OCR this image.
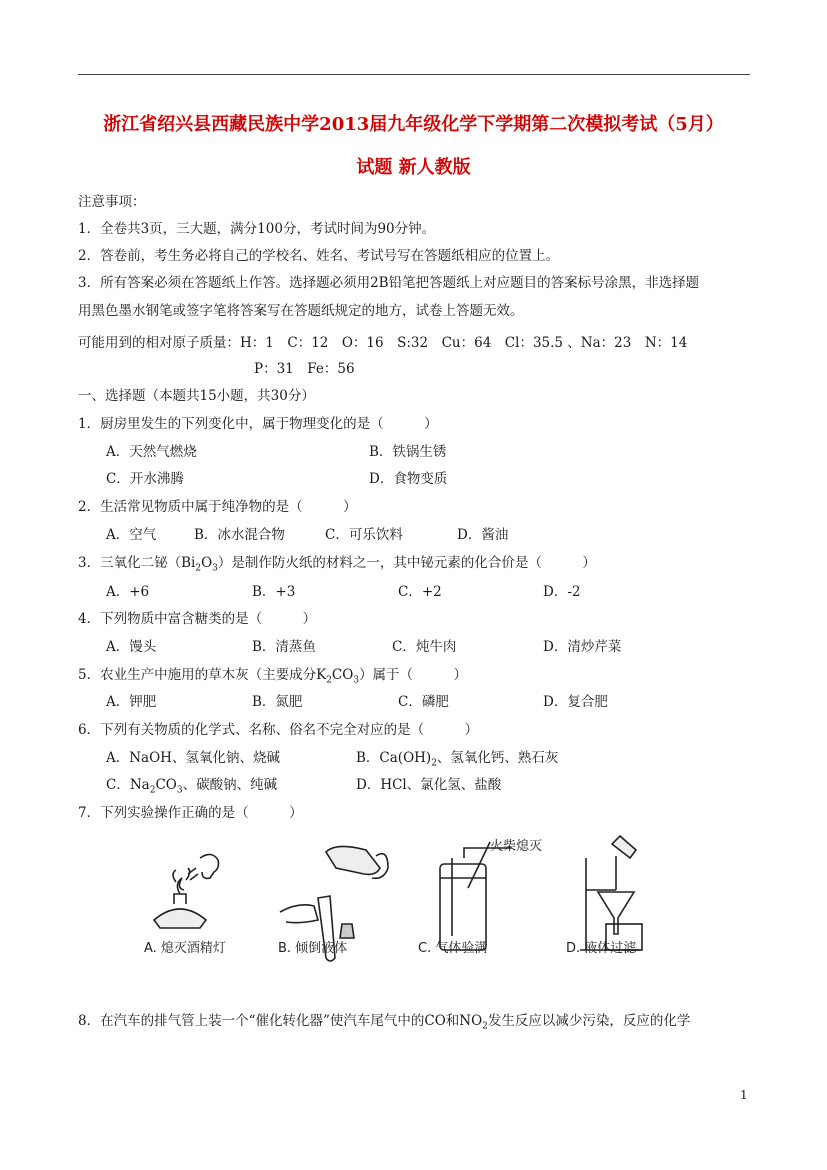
浙江省绍兴县西藏民族中学2013届九年级化学下学期第二次模拟考试（5月）
试题 新人教版
注意事项：
1．全卷共3页，三大题，满分100分，考试时间为90分钟。
2．答卷前，考生务必将自己的学校名、姓名、考试号写在答题纸相应的位置上。
3．所有答案必须在答题纸上作答。选择题必须用2B铅笔把答题纸上对应题目的答案标号涂黑，非选择题
用黑色墨水钢笔或签字笔将答案写在答题纸规定的地方，试卷上答题无效。
可能用到的相对原子质量：H：1　C：12　O：16　S:32　Cu：64　Cl：35.5 、Na：23　N：14
P：31　Fe：56
一、选择题（本题共15小题，共30分）
1．厨房里发生的下列变化中，属于物理变化的是（　　　）
A．天然气燃烧	B．铁锅生锈
C．开水沸腾	D．食物变质
2．生活常见物质中属于纯净物的是（　　　）
A．空气	B．冰水混合物	C．可乐饮料	D．酱油
3．三氧化二铋$(Bi_2O_3)$是制作防火纸的材料之一，其中铋元素的化合价是（　　　）
A．+6	B．+3	C．+2	D．-2
4．下列物质中富含糖类的是（　　　）
A．馒头	B．清蒸鱼	C．炖牛肉	D．清炒芹菜
5．农业生产中施用的草木灰（主要成分$K_2CO_3$）属于（　　　）
A．钾肥	B．氮肥	C．磷肥	D．复合肥
6．下列有关物质的化学式、名称、俗名不完全对应的是（　　　）
A．NaOH、氢氧化钠、烧碱	B．$Ca(OH)_2$、氢氧化钙、熟石灰
C．$Na_2CO_3$、碳酸钠、纯碱	D．HCl、氯化氢、盐酸
7．下列实验操作正确的是（　　　）
火柴熄灭
A. 熄灭酒精灯	B. 倾倒液体	C. 气体验满	D. 液体过滤
8．在汽车的排气管上装一个“催化转化器”使汽车尾气中的CO和$NO_2$发生反应以减少污染，反应的化学
1
